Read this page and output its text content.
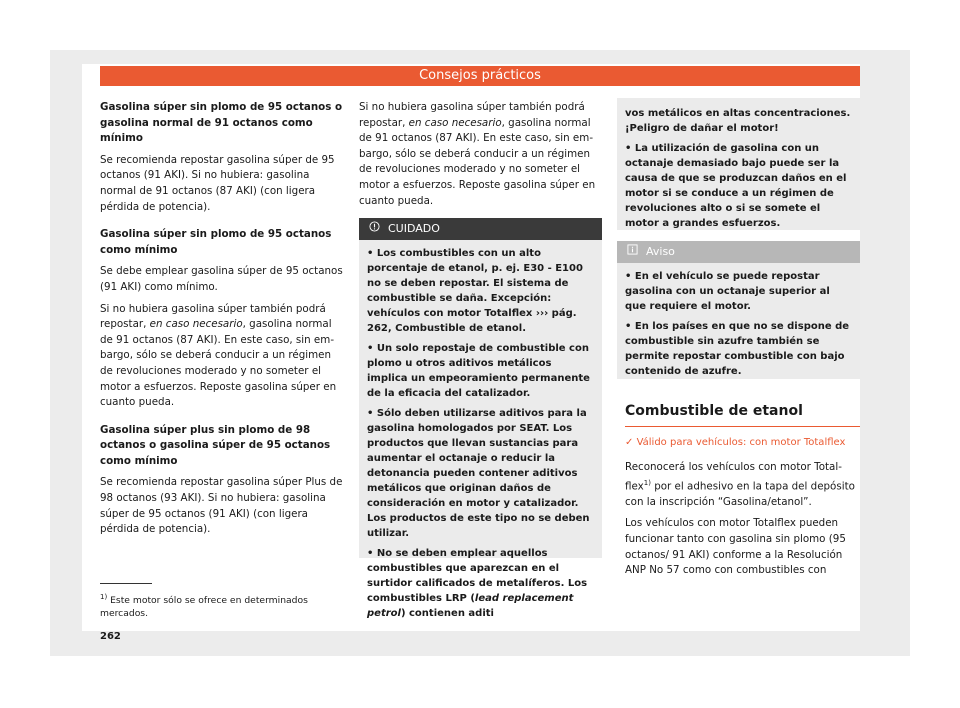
Consejos prácticos

Gasolina súper sin plomo de 95 octanos o gasolina normal de 91 octanos como mínimo

Se recomienda repostar gasolina súper de 95 octanos (91 AKI). Si no hubiera: gasolina normal de 91 octanos (87 AKI) (con ligera pérdida de potencia).

Gasolina súper sin plomo de 95 octanos como mínimo

Se debe emplear gasolina súper de 95 octanos (91 AKI) como mínimo.

Si no hubiera gasolina súper también podrá repostar, en caso necesario, gasolina normal de 91 octanos (87 AKI). En este caso, sin embargo, sólo se deberá conducir a un régimen de revoluciones moderado y no someter el motor a esfuerzos. Reposte gasolina súper en cuanto pueda.

Gasolina súper plus sin plomo de 98 octanos o gasolina súper de 95 octanos como mínimo

Se recomienda repostar gasolina súper Plus de 98 octanos (93 AKI). Si no hubiera: gasolina súper de 95 octanos (91 AKI) (con ligera pérdida de potencia).

Si no hubiera gasolina súper también podrá repostar, en caso necesario, gasolina normal de 91 octanos (87 AKI). En este caso, sin embargo, sólo se deberá conducir a un régimen de revoluciones moderado y no someter el motor a esfuerzos. Reposte gasolina súper en cuanto pueda.

CUIDADO

• Los combustibles con un alto porcentaje de etanol, p. ej. E30 - E100 no se deben repostar. El sistema de combustible se daña. Excepción: vehículos con motor Totalflex ››› pág. 262, Combustible de etanol.

• Un solo repostaje de combustible con plomo u otros aditivos metálicos implica un empeoramiento permanente de la eficacia del catalizador.

• Sólo deben utilizarse aditivos para la gasolina homologados por SEAT. Los productos que llevan sustancias para aumentar el octanaje o reducir la detonancia pueden contener aditivos metálicos que originan daños de consideración en motor y catalizador. Los productos de este tipo no se deben utilizar.

• No se deben emplear aquellos combustibles que aparezcan en el surtidor calificados de metalíferos. Los combustibles LRP (lead replacement petrol) contienen aditi

vos metálicos en altas concentraciones. ¡Peligro de dañar el motor!

• La utilización de gasolina con un octanaje demasiado bajo puede ser la causa de que se produzcan daños en el motor si se conduce a un régimen de revoluciones alto o si se somete el motor a grandes esfuerzos.

Aviso

• En el vehículo se puede repostar gasolina con un octanaje superior al que requiere el motor.

• En los países en que no se dispone de combustible sin azufre también se permite repostar combustible con bajo contenido de azufre.

Combustible de etanol

✓ Válido para vehículos: con motor Totalflex

Reconocerá los vehículos con motor Totalflex$^{1)}$ por el adhesivo en la tapa del depósito con la inscripción “Gasolina/etanol”.

Los vehículos con motor Totalflex pueden funcionar tanto con gasolina sin plomo (95 octanos/ 91 AKI) conforme a la Resolución ANP No 57 como con combustibles con

$^{1)}$ Este motor sólo se ofrece en determinados mercados.
262
